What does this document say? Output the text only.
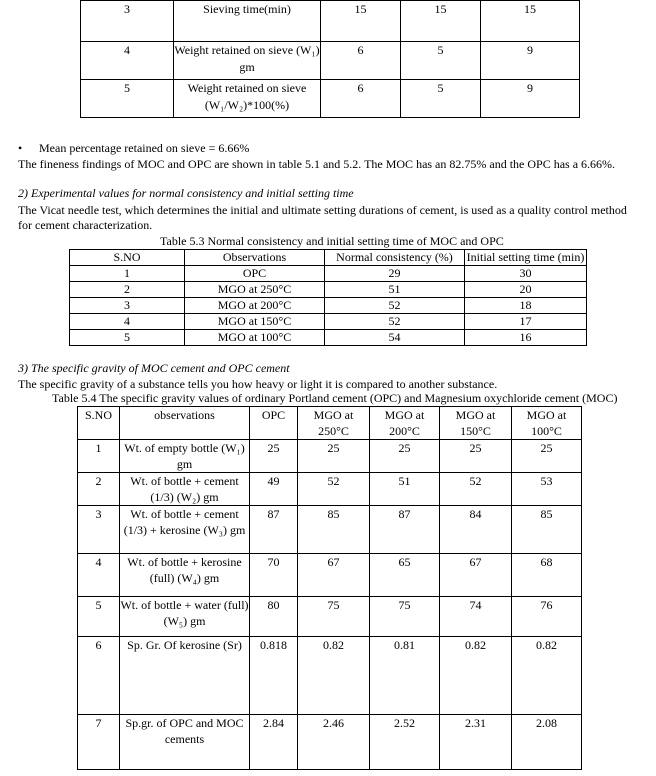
3	Sieving time(min)	15	15	15
4	Weight retained on sieve (W₁) gm	6	5	9
5	Weight retained on sieve (W₁/W₂)*100(%)	6	5	9
• Mean percentage retained on sieve = 6.66%
The fineness findings of MOC and OPC are shown in table 5.1 and 5.2. The MOC has an 82.75% and the OPC has a 6.66%.
2) Experimental values for normal consistency and initial setting time
The Vicat needle test, which determines the initial and ultimate setting durations of cement, is used as a quality control method for cement characterization.
Table 5.3 Normal consistency and initial setting time of MOC and OPC
S.NO	Observations	Normal consistency (%)	Initial setting time (min)
1	OPC	29	30
2	MGO at 250°C	51	20
3	MGO at 200°C	52	18
4	MGO at 150°C	52	17
5	MGO at 100°C	54	16
3) The specific gravity of MOC cement and OPC cement
The specific gravity of a substance tells you how heavy or light it is compared to another substance.
Table 5.4 The specific gravity values of ordinary Portland cement (OPC) and Magnesium oxychloride cement (MOC)
S.NO	observations	OPC	MGO at 250°C	MGO at 200°C	MGO at 150°C	MGO at 100°C
1	Wt. of empty bottle (W₁) gm	25	25	25	25	25
2	Wt. of bottle + cement (1/3) (W₂) gm	49	52	51	52	53
3	Wt. of bottle + cement (1/3) + kerosine (W₃) gm	87	85	87	84	85
4	Wt. of bottle + kerosine (full) (W₄) gm	70	67	65	67	68
5	Wt. of bottle + water (full) (W₅) gm	80	75	75	74	76
6	Sp. Gr. Of kerosine (Sr)	0.818	0.82	0.81	0.82	0.82
7	Sp.gr. of OPC and MOC cements	2.84	2.46	2.52	2.31	2.08
